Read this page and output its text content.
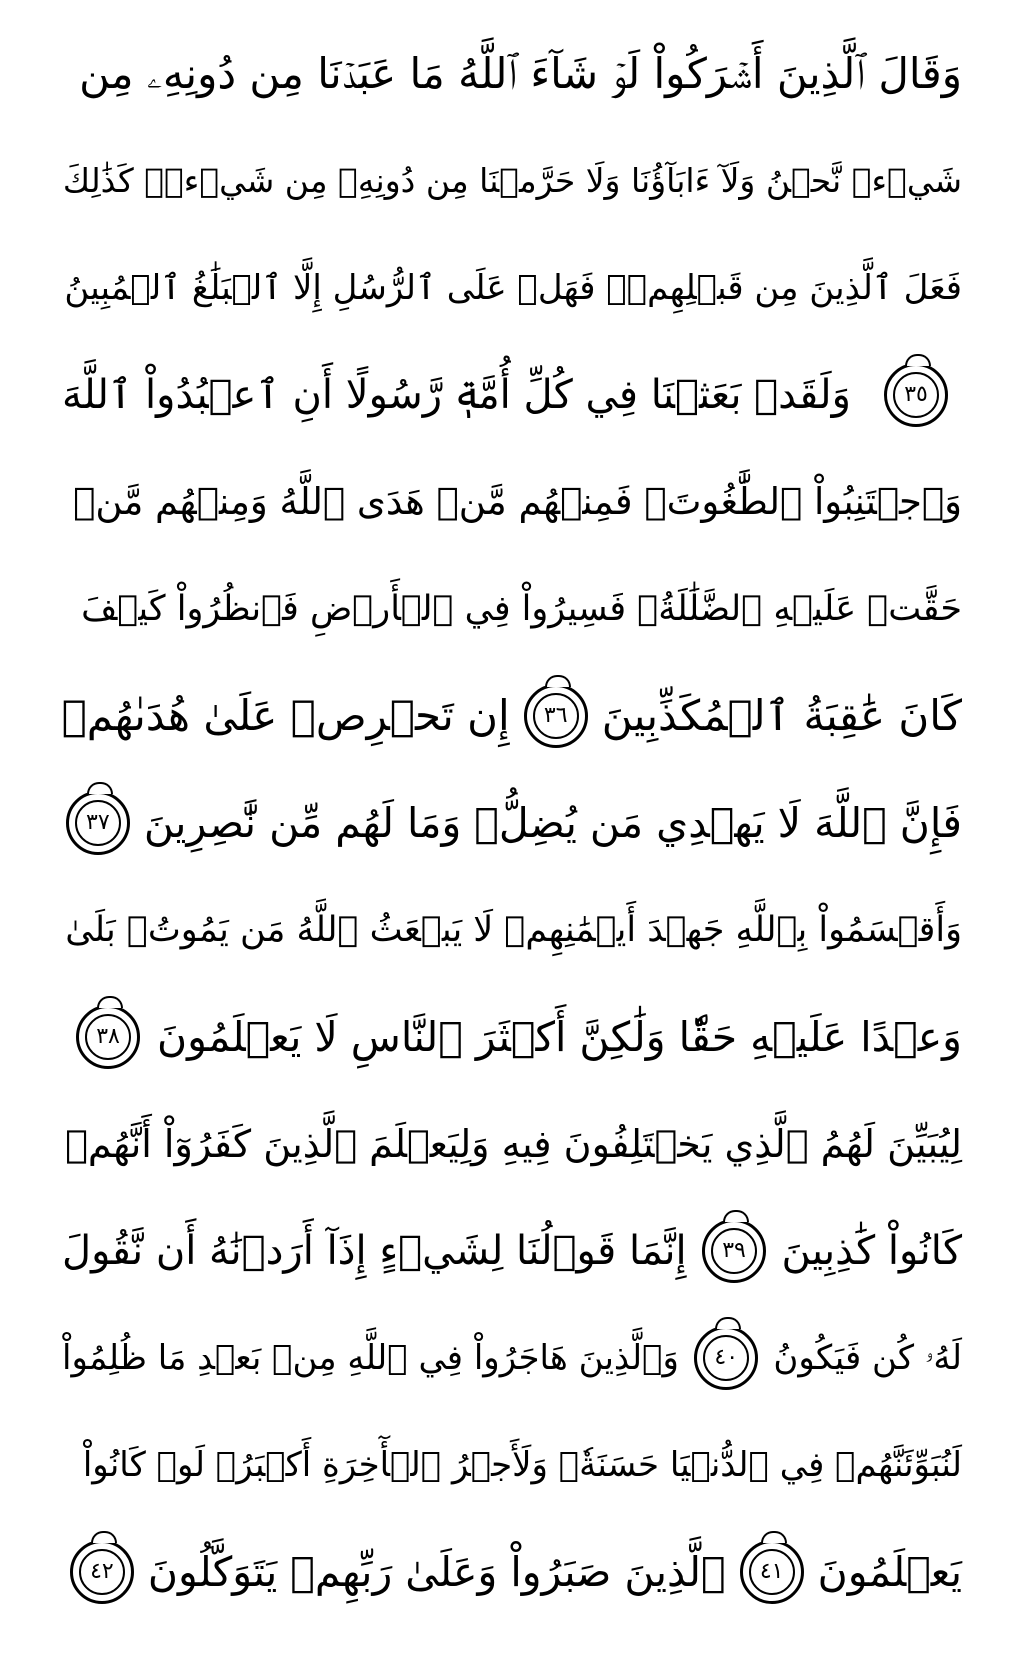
وَقَالَ ٱلَّذِينَ أَشۡرَكُواْ لَوۡ شَآءَ ٱللَّهُ مَا عَبَدۡنَا مِن دُونِهِۦ مِن
شَيۡءٖ نَّحۡنُ وَلَآ ءَابَآؤُنَا وَلَا حَرَّمۡنَا مِن دُونِهِۦ مِن شَيۡءٖۚ كَذَٰلِكَ
فَعَلَ ٱلَّذِينَ مِن قَبۡلِهِمۡۚ فَهَلۡ عَلَى ٱلرُّسُلِ إِلَّا ٱلۡبَلَٰغُ ٱلۡمُبِينُ
٣٥
وَلَقَدۡ بَعَثۡنَا فِي كُلِّ أُمَّةٖ رَّسُولًا أَنِ ٱعۡبُدُواْ ٱللَّهَ
وَٱجۡتَنِبُواْ ٱلطَّٰغُوتَۖ فَمِنۡهُم مَّنۡ هَدَى ٱللَّهُ وَمِنۡهُم مَّنۡ
حَقَّتۡ عَلَيۡهِ ٱلضَّلَٰلَةُۚ فَسِيرُواْ فِي ٱلۡأَرۡضِ فَٱنظُرُواْ كَيۡفَ
كَانَ عَٰقِبَةُ ٱلۡمُكَذِّبِينَ
٣٦
إِن تَحۡرِصۡ عَلَىٰ هُدَىٰهُمۡ
فَإِنَّ ٱللَّهَ لَا يَهۡدِي مَن يُضِلُّۖ وَمَا لَهُم مِّن نَّٰصِرِينَ
٣٧
وَأَقۡسَمُواْ بِٱللَّهِ جَهۡدَ أَيۡمَٰنِهِمۡ لَا يَبۡعَثُ ٱللَّهُ مَن يَمُوتُۚ بَلَىٰ
وَعۡدًا عَلَيۡهِ حَقّٗا وَلَٰكِنَّ أَكۡثَرَ ٱلنَّاسِ لَا يَعۡلَمُونَ
٣٨
لِيُبَيِّنَ لَهُمُ ٱلَّذِي يَخۡتَلِفُونَ فِيهِ وَلِيَعۡلَمَ ٱلَّذِينَ كَفَرُوٓاْ أَنَّهُمۡ
كَانُواْ كَٰذِبِينَ
٣٩
إِنَّمَا قَوۡلُنَا لِشَيۡءٍ إِذَآ أَرَدۡنَٰهُ أَن نَّقُولَ
لَهُۥ كُن فَيَكُونُ
٤٠
وَٱلَّذِينَ هَاجَرُواْ فِي ٱللَّهِ مِنۢ بَعۡدِ مَا ظُلِمُواْ
لَنُبَوِّئَنَّهُمۡ فِي ٱلدُّنۡيَا حَسَنَةٗۖ وَلَأَجۡرُ ٱلۡأٓخِرَةِ أَكۡبَرُۚ لَوۡ كَانُواْ
يَعۡلَمُونَ
٤١
ٱلَّذِينَ صَبَرُواْ وَعَلَىٰ رَبِّهِمۡ يَتَوَكَّلُونَ
٤٢
